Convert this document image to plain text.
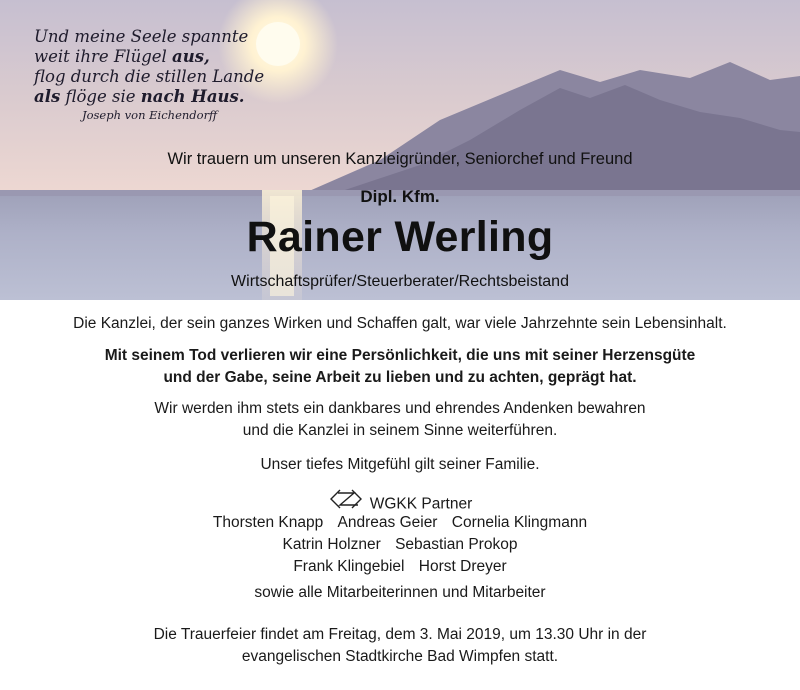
Und meine Seele spannte
weit ihre Flügel aus,
flog durch die stillen Lande
als flöge sie nach Haus.
Joseph von Eichendorff
Wir trauern um unseren Kanzleigründer, Seniorchef und Freund
Dipl. Kfm.
Rainer Werling
Wirtschaftsprüfer/Steuerberater/Rechtsbeistand
Die Kanzlei, der sein ganzes Wirken und Schaffen galt, war viele Jahrzehnte sein Lebensinhalt.
Mit seinem Tod verlieren wir eine Persönlichkeit, die uns mit seiner Herzensgüte
und der Gabe, seine Arbeit zu lieben und zu achten, geprägt hat.
Wir werden ihm stets ein dankbares und ehrendes Andenken bewahren
und die Kanzlei in seinem Sinne weiterführen.
Unser tiefes Mitgefühl gilt seiner Familie.
WGKK Partner
Thorsten Knapp Andreas Geier Cornelia Klingmann
Katrin Holzner Sebastian Prokop
Frank Klingebiel Horst Dreyer
sowie alle Mitarbeiterinnen und Mitarbeiter
Die Trauerfeier findet am Freitag, dem 3. Mai 2019, um 13.30 Uhr in der
evangelischen Stadtkirche Bad Wimpfen statt.
